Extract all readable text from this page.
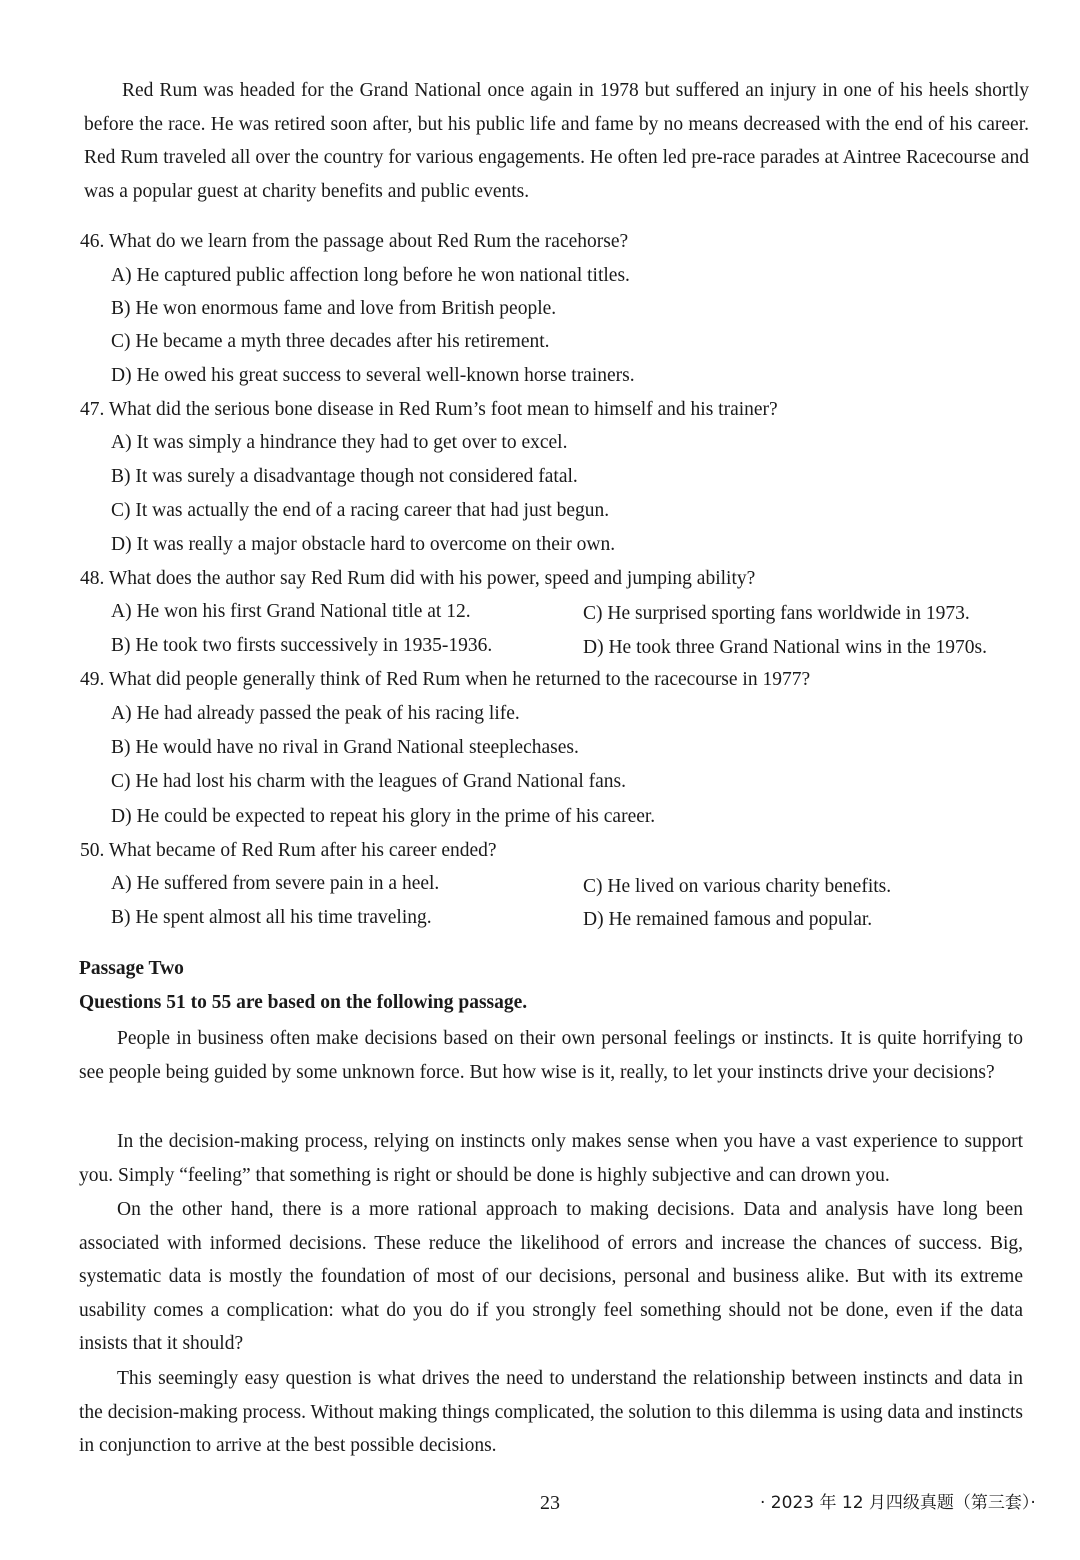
Red Rum was headed for the Grand National once again in 1978 but suffered an injury in one of his heels shortly before the race. He was retired soon after, but his public life and fame by no means decreased with the end of his career. Red Rum traveled all over the country for various engagements. He often led pre-race parades at Aintree Racecourse and was a popular guest at charity benefits and public events.

46. What do we learn from the passage about Red Rum the racehorse?
A) He captured public affection long before he won national titles.
B) He won enormous fame and love from British people.
C) He became a myth three decades after his retirement.
D) He owed his great success to several well-known horse trainers.
47. What did the serious bone disease in Red Rum’s foot mean to himself and his trainer?
A) It was simply a hindrance they had to get over to excel.
B) It was surely a disadvantage though not considered fatal.
C) It was actually the end of a racing career that had just begun.
D) It was really a major obstacle hard to overcome on their own.
48. What does the author say Red Rum did with his power, speed and jumping ability?
A) He won his first Grand National title at 12.	C) He surprised sporting fans worldwide in 1973.
B) He took two firsts successively in 1935-1936.	D) He took three Grand National wins in the 1970s.
49. What did people generally think of Red Rum when he returned to the racecourse in 1977?
A) He had already passed the peak of his racing life.
B) He would have no rival in Grand National steeplechases.
C) He had lost his charm with the leagues of Grand National fans.
D) He could be expected to repeat his glory in the prime of his career.
50. What became of Red Rum after his career ended?
A) He suffered from severe pain in a heel.	C) He lived on various charity benefits.
B) He spent almost all his time traveling.	D) He remained famous and popular.
Passage Two
Questions 51 to 55 are based on the following passage.

People in business often make decisions based on their own personal feelings or instincts. It is quite horrifying to see people being guided by some unknown force. But how wise is it, really, to let your instincts drive your decisions?

In the decision-making process, relying on instincts only makes sense when you have a vast experience to support you. Simply “feeling” that something is right or should be done is highly subjective and can drown you.

On the other hand, there is a more rational approach to making decisions. Data and analysis have long been associated with informed decisions. These reduce the likelihood of errors and increase the chances of success. Big, systematic data is mostly the foundation of most of our decisions, personal and business alike. But with its extreme usability comes a complication: what do you do if you strongly feel something should not be done, even if the data insists that it should?

This seemingly easy question is what drives the need to understand the relationship between instincts and data in the decision-making process. Without making things complicated, the solution to this dilemma is using data and instincts in conjunction to arrive at the best possible decisions.

23	· 2023 年 12 月四级真题（第三套）·
